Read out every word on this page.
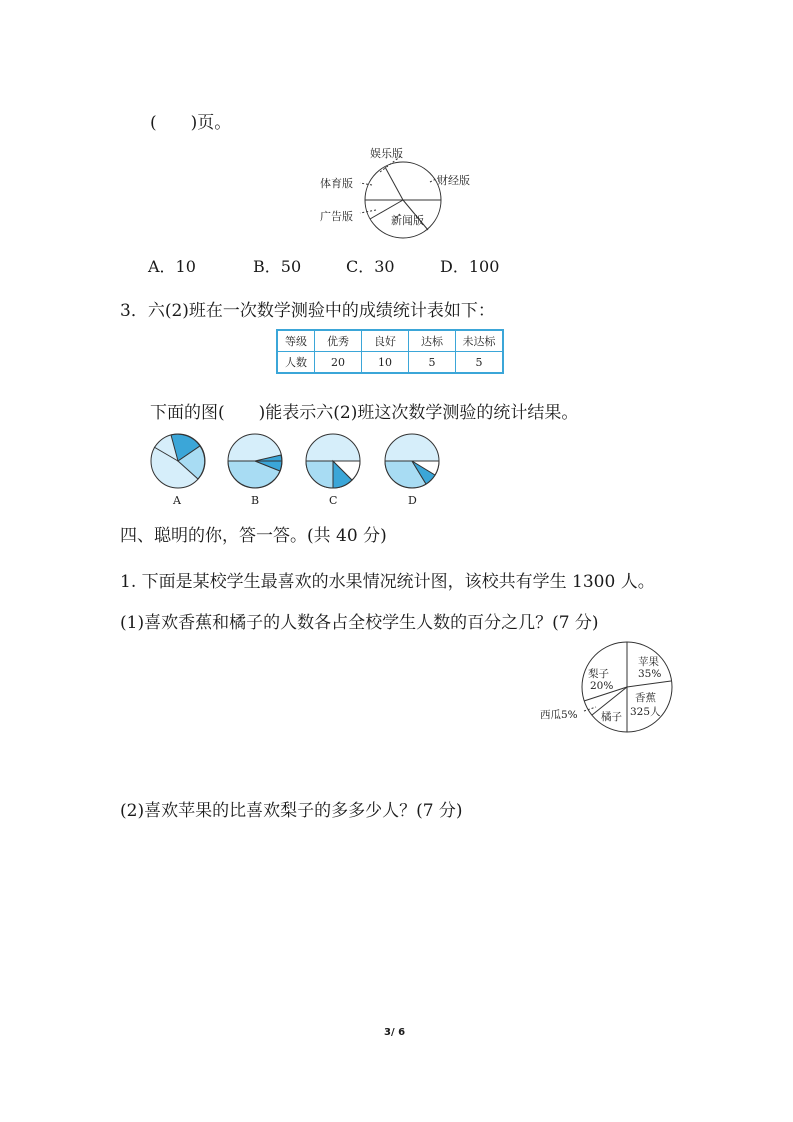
(　　)页。
娱乐版
体育版	财经版
广告版	新闻版
A．10	B．50	C．30	D．100
3．六(2)班在一次数学测验中的成绩统计表如下：
等级	优秀	良好	达标	未达标
人数	20	10	5	5
下面的图(　　)能表示六(2)班这次数学测验的统计结果。
A	B	C	D
四、聪明的你，答一答。(共 40 分)
1. 下面是某校学生最喜欢的水果情况统计图，该校共有学生 1300 人。
(1)喜欢香蕉和橘子的人数各占全校学生人数的百分之几？(7 分)
苹果
35%
梨子
20%
香蕉
325人
橘子
西瓜5%
(2)喜欢苹果的比喜欢梨子的多多少人？(7 分)
3/ 6
